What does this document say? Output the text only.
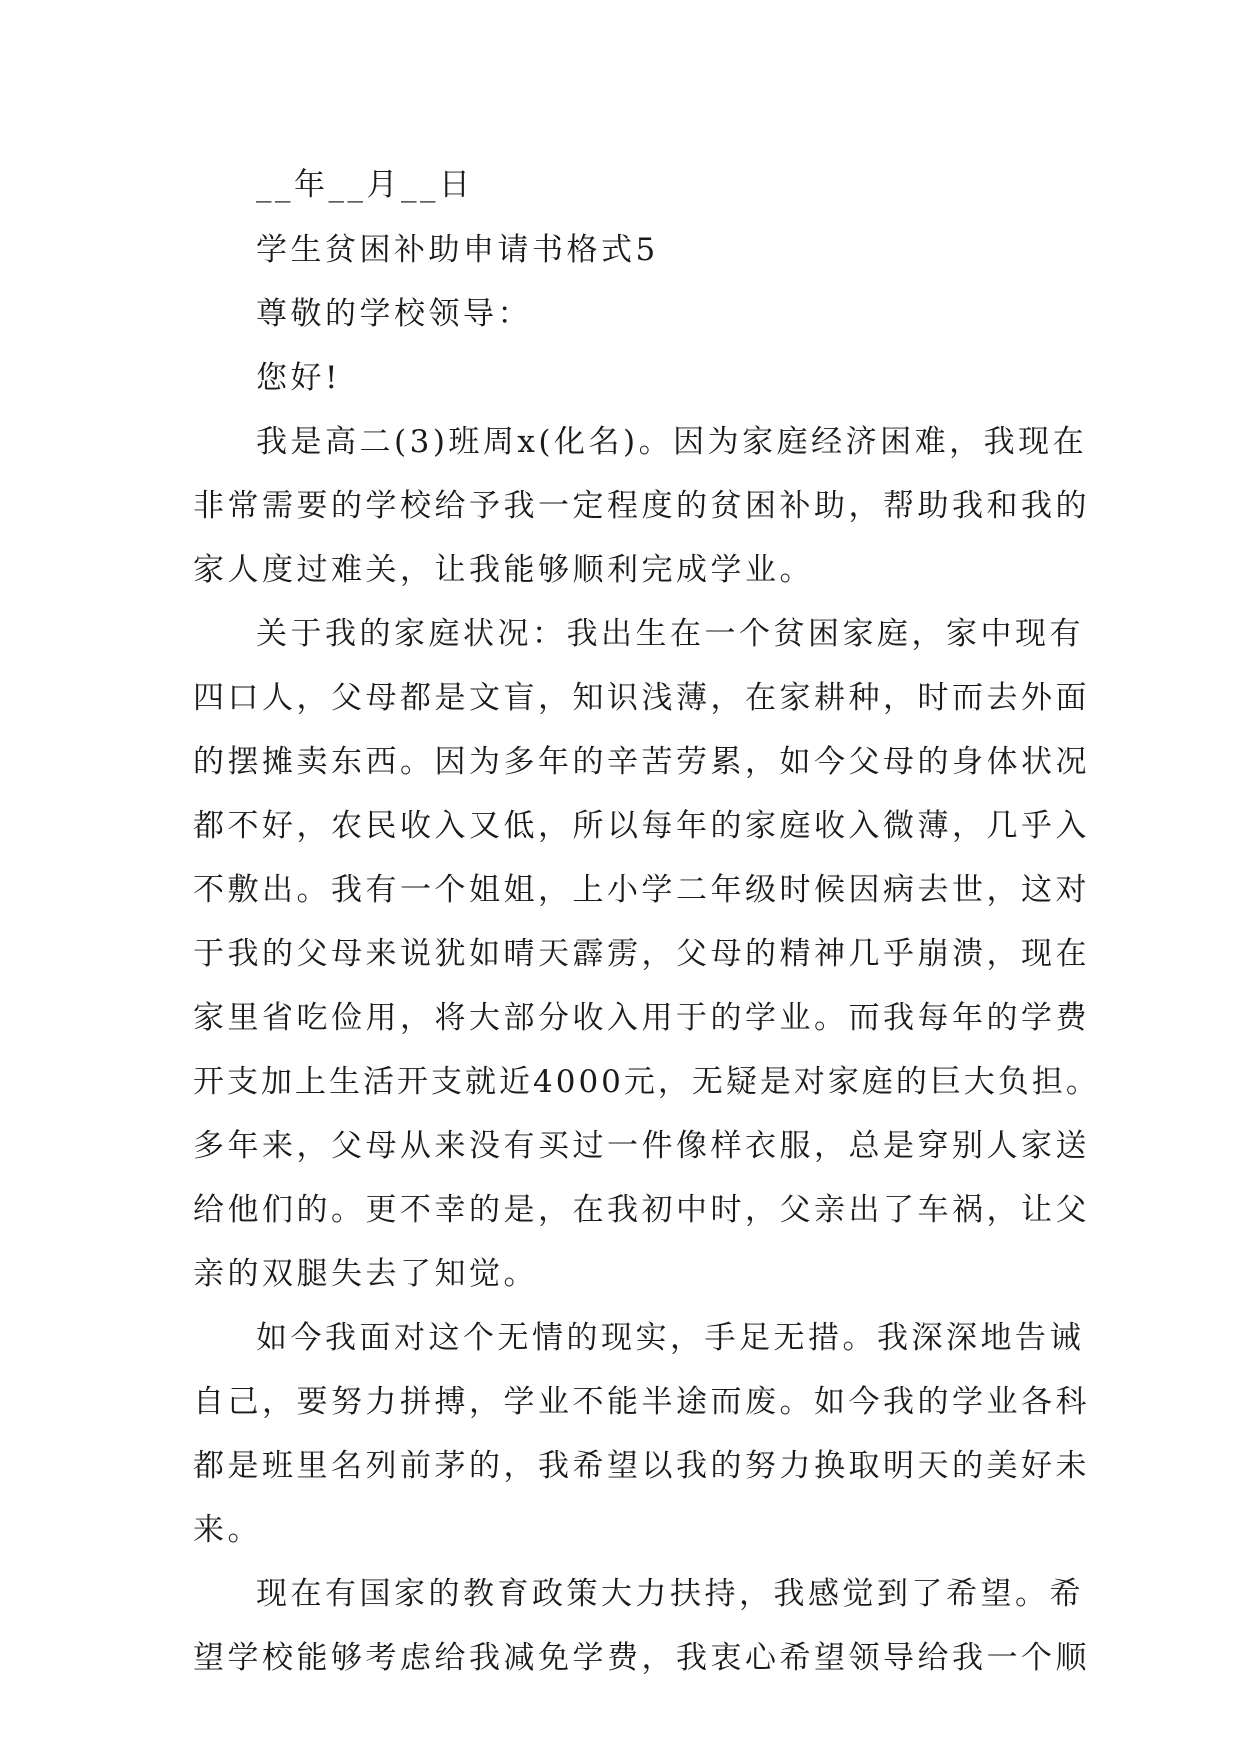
__年__月__日
学生贫困补助申请书格式5
尊敬的学校领导：
您好!
我是高二(3)班周x(化名)。因为家庭经济困难，我现在
非常需要的学校给予我一定程度的贫困补助，帮助我和我的
家人度过难关，让我能够顺利完成学业。
关于我的家庭状况：我出生在一个贫困家庭，家中现有
四口人，父母都是文盲，知识浅薄，在家耕种，时而去外面
的摆摊卖东西。因为多年的辛苦劳累，如今父母的身体状况
都不好，农民收入又低，所以每年的家庭收入微薄，几乎入
不敷出。我有一个姐姐，上小学二年级时候因病去世，这对
于我的父母来说犹如晴天霹雳，父母的精神几乎崩溃，现在
家里省吃俭用，将大部分收入用于的学业。而我每年的学费
开支加上生活开支就近4000元，无疑是对家庭的巨大负担。
多年来，父母从来没有买过一件像样衣服，总是穿别人家送
给他们的。更不幸的是，在我初中时，父亲出了车祸，让父
亲的双腿失去了知觉。
如今我面对这个无情的现实，手足无措。我深深地告诫
自己，要努力拼搏，学业不能半途而废。如今我的学业各科
都是班里名列前茅的，我希望以我的努力换取明天的美好未
来。
现在有国家的教育政策大力扶持，我感觉到了希望。希
望学校能够考虑给我减免学费，我衷心希望领导给我一个顺
